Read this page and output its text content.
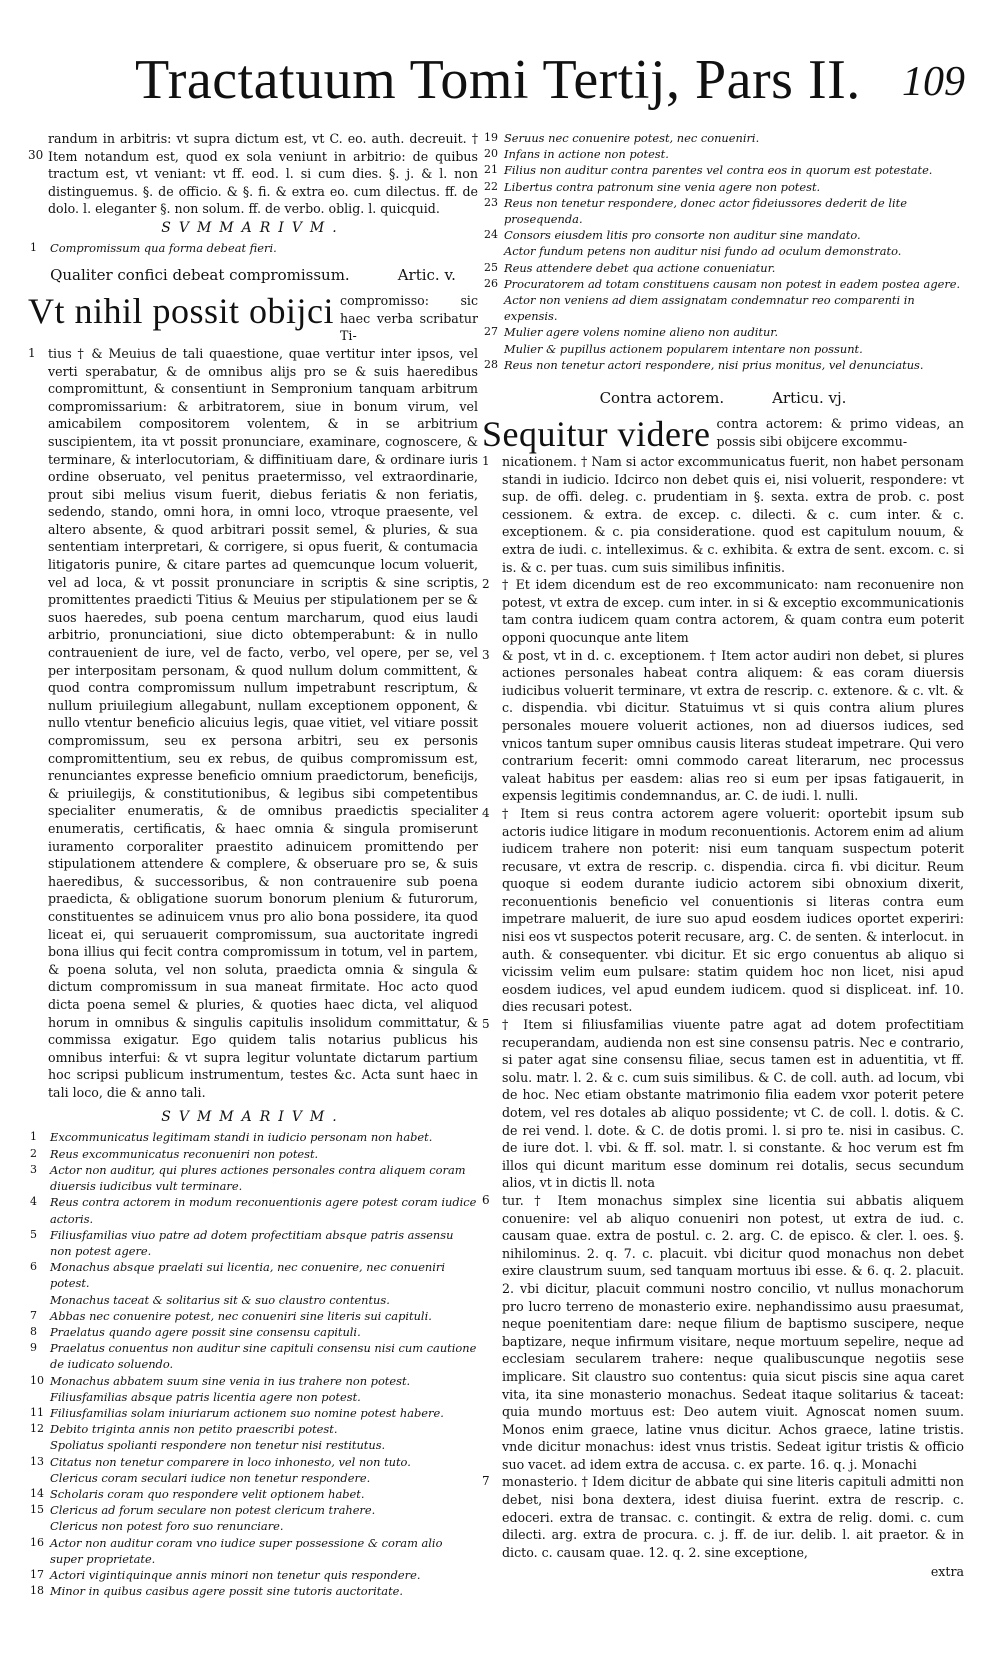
Tractatuum Tomi Tertij, Pars II. 109
30

randum in arbitris: vt supra dictum est, vt C. eo. auth. decreuit. † Item notandum est, quod ex sola veniunt in arbitrio: de quibus tractum est, vt veniant: vt ff. eod. l. si cum dies. §. j. & l. non distinguemus. §. de officio. & §. fi. & extra eo. cum dilectus. ff. de dolo. l. eleganter §. non solum. ff. de verbo. oblig. l. quicquid.

SVMMARIVM.
1 Compromissum qua forma debeat fieri.
Qualiter confici debeat compromissum.	Artic. v.
Vt nihil possit obijci compromisso: sic haec verba scribatur Ti-

1 tius † & Meuius de tali quaestione, quae vertitur inter ipsos, vel verti sperabatur, & de omnibus alijs pro se & suis haeredibus compromittunt, & consentiunt in Sempronium tanquam arbitrum compromissarium: & arbitratorem, siue in bonum virum, vel amicabilem compositorem volentem, & in se arbitrium suscipientem, ita vt possit pronunciare, examinare, cognoscere, & terminare, & interlocutoriam, & diffinitiuam dare, & ordinare iuris ordine obseruato, vel penitus praetermisso, vel extraordinarie, prout sibi melius visum fuerit, diebus feriatis & non feriatis, sedendo, stando, omni hora, in omni loco, vtroque praesente, vel altero absente, & quod arbitrari possit semel, & pluries, & sua sententiam interpretari, & corrigere, si opus fuerit, & contumacia litigatoris punire, & citare partes ad quemcunque locum voluerit, vel ad loca, & vt possit pronunciare in scriptis & sine scriptis, promittentes praedicti Titius & Meuius per stipulationem per se & suos haeredes, sub poena centum marcharum, quod eius laudi arbitrio, pronunciationi, siue dicto obtemperabunt: & in nullo contrauenient de iure, vel de facto, verbo, vel opere, per se, vel per interpositam personam, & quod nullum dolum committent, & quod contra compromissum nullum impetrabunt rescriptum, & nullum priuilegium allegabunt, nullam exceptionem opponent, & nullo vtentur beneficio alicuius legis, quae vitiet, vel vitiare possit compromissum, seu ex persona arbitri, seu ex personis compromittentium, seu ex rebus, de quibus compromissum est, renunciantes expresse beneficio omnium praedictorum, beneficijs, & priuilegijs, & constitutionibus, & legibus sibi competentibus specialiter enumeratis, & de omnibus praedictis specialiter enumeratis, certificatis, & haec omnia & singula promiserunt iuramento corporaliter praestito adinuicem promittendo per stipulationem attendere & complere, & obseruare pro se, & suis haeredibus, & successoribus, & non contrauenire sub poena praedicta, & obligatione suorum bonorum plenium & futurorum, constituentes se adinuicem vnus pro alio bona possidere, ita quod liceat ei, qui seruauerit compromissum, sua auctoritate ingredi bona illius qui fecit contra compromissum in totum, vel in partem, & poena soluta, vel non soluta, praedicta omnia & singula & dictum compromissum in sua maneat firmitate. Hoc acto quod dicta poena semel & pluries, & quoties haec dicta, vel aliquod horum in omnibus & singulis capitulis insolidum committatur, & commissa exigatur. Ego quidem talis notarius publicus his omnibus interfui: & vt supra legitur voluntate dictarum partium hoc scripsi publicum instrumentum, testes &c. Acta sunt haec in tali loco, die & anno tali.

SVMMARIVM.
1 Excommunicatus legitimam standi in iudicio personam non habet.
2 Reus excommunicatus reconueniri non potest.
3 Actor non auditur, qui plures actiones personales contra aliquem coram diuersis iudicibus vult terminare.
4 Reus contra actorem in modum reconuentionis agere potest coram iudice actoris.
5 Filiusfamilias viuo patre ad dotem profectitiam absque patris assensu non potest agere.
6 Monachus absque praelati sui licentia, nec conuenire, nec conueniri potest.
Monachus taceat & solitarius sit & suo claustro contentus.
7 Abbas nec conuenire potest, nec conueniri sine literis sui capituli.
8 Praelatus quando agere possit sine consensu capituli.
9 Praelatus conuentus non auditur sine capituli consensu nisi cum cautione de iudicato soluendo.
10 Monachus abbatem suum sine venia in ius trahere non potest.
Filiusfamilias absque patris licentia agere non potest.
11 Filiusfamilias solam iniuriarum actionem suo nomine potest habere.
12 Debito triginta annis non petito praescribi potest.
Spoliatus spolianti respondere non tenetur nisi restitutus.
13 Citatus non tenetur comparere in loco inhonesto, vel non tuto.
Clericus coram seculari iudice non tenetur respondere.
14 Scholaris coram quo respondere velit optionem habet.
15 Clericus ad forum seculare non potest clericum trahere.
Clericus non potest foro suo renunciare.
16 Actor non auditur coram vno iudice super possessione & coram alio super proprietate.
17 Actori vigintiquinque annis minori non tenetur quis respondere.
18 Minor in quibus casibus agere possit sine tutoris auctoritate.
19 Seruus nec conuenire potest, nec conueniri.
20 Infans in actione non potest.
21 Filius non auditur contra parentes vel contra eos in quorum est potestate.
22 Libertus contra patronum sine venia agere non potest.
23 Reus non tenetur respondere, donec actor fideiussores dederit de lite prosequenda.
24 Consors eiusdem litis pro consorte non auditur sine mandato.
Actor fundum petens non auditur nisi fundo ad oculum demonstrato.
25 Reus attendere debet qua actione conueniatur.
26 Procuratorem ad totam constituens causam non potest in eadem postea agere.
Actor non veniens ad diem assignatam condemnatur reo comparenti in expensis.
27 Mulier agere volens nomine alieno non auditur.
Mulier & pupillus actionem popularem intentare non possunt.
28 Reus non tenetur actori respondere, nisi prius monitus, vel denunciatus.
Contra actorem.	Articu. vj.
Sequitur videre contra actorem: & primo videas, an possis sibi obijcere excommu-

1 nicationem. † Nam si actor excommunicatus fuerit, non habet personam standi in iudicio. Idcirco non debet quis ei, nisi voluerit, respondere: vt sup. de offi. deleg. c. prudentiam in §. sexta. extra de prob. c. post cessionem. & extra. de excep. c. dilecti. & c. cum inter. & c. exceptionem. & c. pia consideratione. quod est capitulum nouum, & extra de iudi. c. intelleximus. & c. exhibita. & extra de sent. excom. c. si is. & c. per tuas. cum suis similibus infinitis.

2 † Et idem dicendum est de reo excommunicato: nam reconuenire non potest, vt extra de excep. cum inter. in si & exceptio excommunicationis tam contra iudicem quam contra actorem, & quam contra eum poterit opponi quocunque ante litem

3 & post, vt in d. c. exceptionem. † Item actor audiri non debet, si plures actiones personales habeat contra aliquem: & eas coram diuersis iudicibus voluerit terminare, vt extra de rescrip. c. extenore. & c. vlt. & c. dispendia. vbi dicitur. Statuimus vt si quis contra alium plures personales mouere voluerit actiones, non ad diuersos iudices, sed vnicos tantum super omnibus causis literas studeat impetrare. Qui vero contrarium fecerit: omni commodo careat literarum, nec processus valeat habitus per easdem: alias reo si eum per ipsas fatigauerit, in expensis legitimis condemnandus, ar. C. de iudi. l. nulli.

4 † Item si reus contra actorem agere voluerit: oportebit ipsum sub actoris iudice litigare in modum reconuentionis. Actorem enim ad alium iudicem trahere non poterit: nisi eum tanquam suspectum poterit recusare, vt extra de rescrip. c. dispendia. circa fi. vbi dicitur. Reum quoque si eodem durante iudicio actorem sibi obnoxium dixerit, reconuentionis beneficio vel conuentionis si literas contra eum impetrare maluerit, de iure suo apud eosdem iudices oportet experiri: nisi eos vt suspectos poterit recusare, arg. C. de senten. & interlocut. in auth. & consequenter. vbi dicitur. Et sic ergo conuentus ab aliquo si vicissim velim eum pulsare: statim quidem hoc non licet, nisi apud eosdem iudices, vel apud eundem iudicem. quod si displiceat. inf. 10. dies recusari potest.

5 † Item si filiusfamilias viuente patre agat ad dotem profectitiam recuperandam, audienda non est sine consensu patris. Nec e contrario, si pater agat sine consensu filiae, secus tamen est in aduentitia, vt ff. solu. matr. l. 2. & c. cum suis similibus. & C. de coll. auth. ad locum, vbi de hoc. Nec etiam obstante matrimonio filia eadem vxor poterit petere dotem, vel res dotales ab aliquo possidente; vt C. de coll. l. dotis. & C. de rei vend. l. dote. & C. de dotis promi. l. si pro te. nisi in casibus. C. de iure dot. l. vbi. & ff. sol. matr. l. si constante. & hoc verum est fm illos qui dicunt maritum esse dominum rei dotalis, secus secundum alios, vt in dictis ll. nota

6 tur. † Item monachus simplex sine licentia sui abbatis aliquem conuenire: vel ab aliquo conueniri non potest, ut extra de iud. c. causam quae. extra de postul. c. 2. arg. C. de episco. & cler. l. oes. §. nihilominus. 2. q. 7. c. placuit. vbi dicitur quod monachus non debet exire claustrum suum, sed tanquam mortuus ibi esse. & 6. q. 2. placuit. 2. vbi dicitur, placuit communi nostro concilio, vt nullus monachorum pro lucro terreno de monasterio exire. nephandissimo ausu praesumat, neque poenitentiam dare: neque filium de baptismo suscipere, neque baptizare, neque infirmum visitare, neque mortuum sepelire, neque ad ecclesiam secularem trahere: neque qualibuscunque negotiis sese implicare. Sit claustro suo contentus: quia sicut piscis sine aqua caret vita, ita sine monasterio monachus. Sedeat itaque solitarius & taceat: quia mundo mortuus est: Deo autem viuit. Agnoscat nomen suum. Monos enim graece, latine vnus dicitur. Achos graece, latine tristis. vnde dicitur monachus: idest vnus tristis. Sedeat igitur tristis & officio suo vacet. ad idem extra de accusa. c. ex parte. 16. q. j. Monachi

7 monasterio. † Idem dicitur de abbate qui sine literis capituli admitti non debet, nisi bona dextera, idest diuisa fuerint. extra de rescrip. c. edoceri. extra de transac. c. contingit. & extra de relig. domi. c. cum dilecti. arg. extra de procura. c. j. ff. de iur. delib. l. ait praetor. & in dicto. c. causam quae. 12. q. 2. sine exceptione,

extra
